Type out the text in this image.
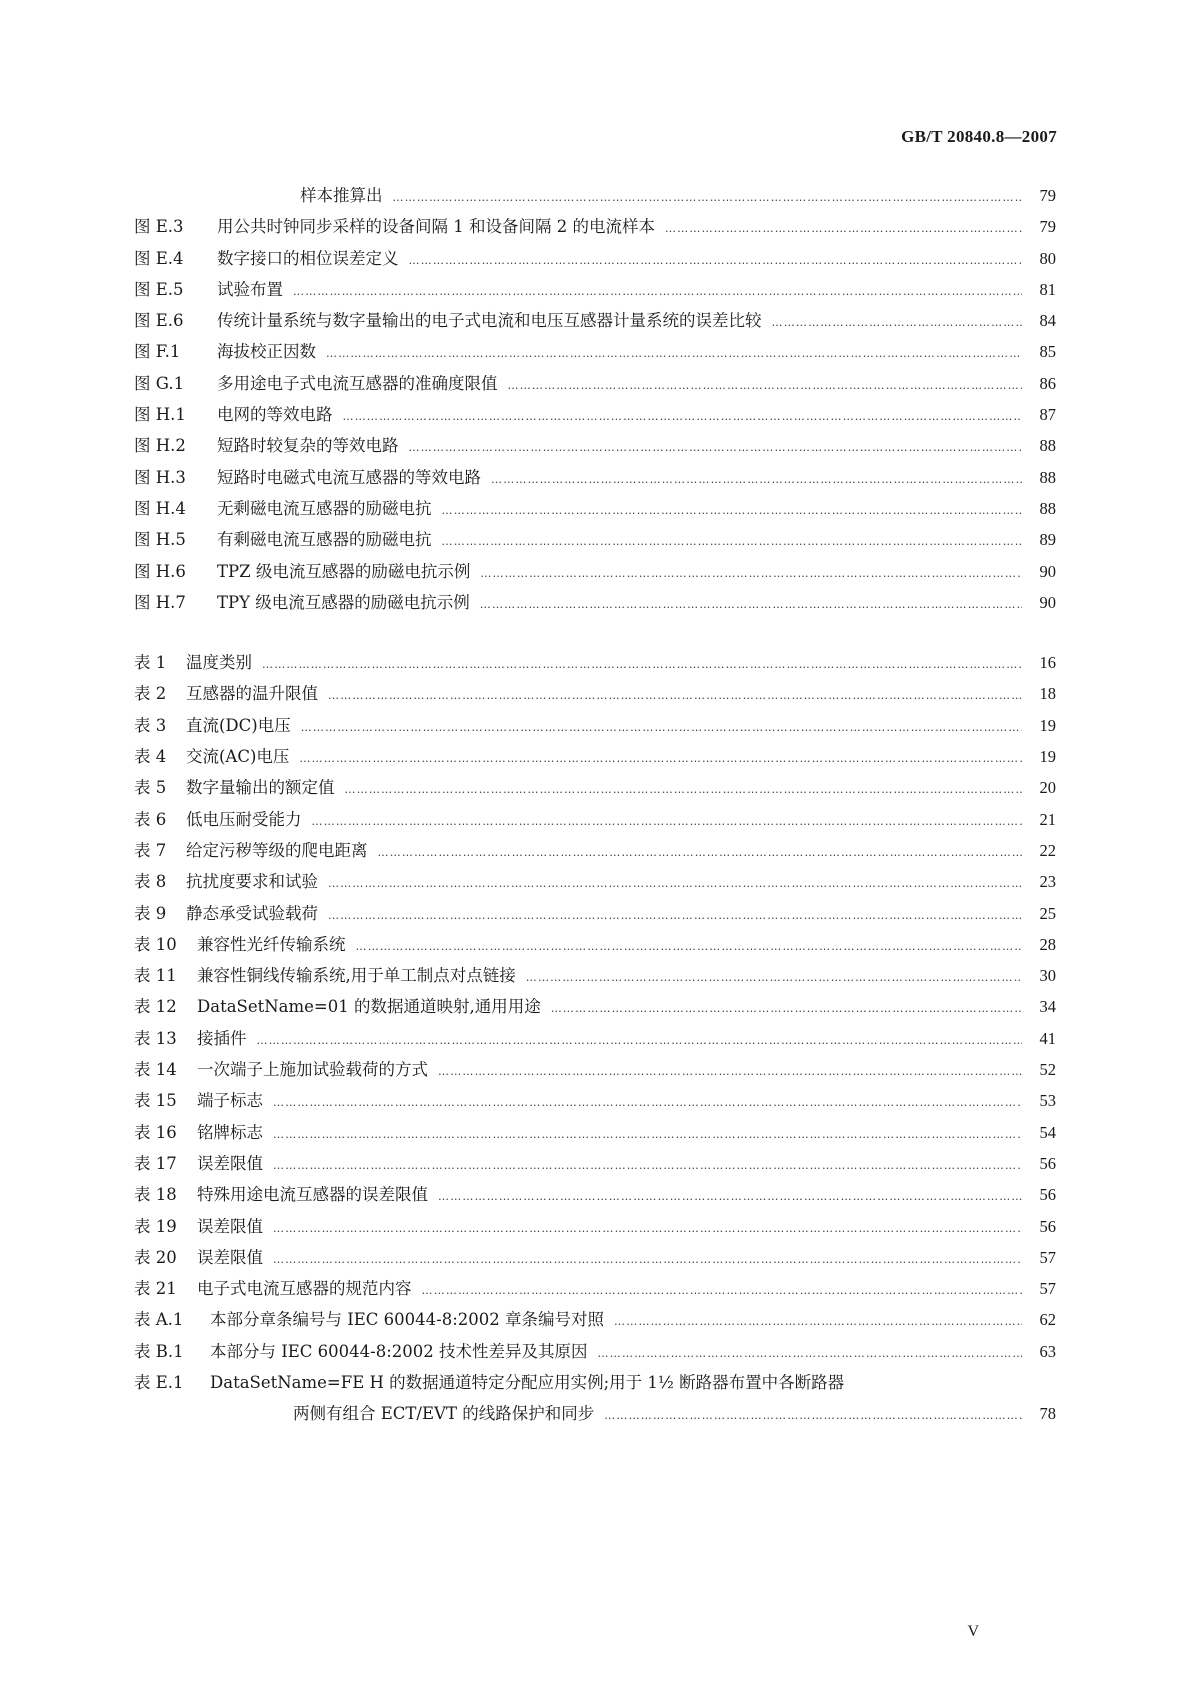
GB/T 20840.8—2007
样本推算出 ……………………………………………………………………………………………………………………………………………………………………………………………………………………………………	79
图 E.3	用公共时钟同步采样的设备间隔 1 和设备间隔 2 的电流样本 ……………………………………………………………………………………………………………………………………………………………………………………………………………………………………	79
图 E.4	数字接口的相位误差定义 ……………………………………………………………………………………………………………………………………………………………………………………………………………………………………	80
图 E.5	试验布置 ……………………………………………………………………………………………………………………………………………………………………………………………………………………………………	81
图 E.6	传统计量系统与数字量输出的电子式电流和电压互感器计量系统的误差比较 ……………………………………………………………………………………………………………………………………………………………………………………………………………………………………	84
图 F.1	海拔校正因数 ……………………………………………………………………………………………………………………………………………………………………………………………………………………………………	85
图 G.1	多用途电子式电流互感器的准确度限值 ……………………………………………………………………………………………………………………………………………………………………………………………………………………………………	86
图 H.1	电网的等效电路 ……………………………………………………………………………………………………………………………………………………………………………………………………………………………………	87
图 H.2	短路时较复杂的等效电路 ……………………………………………………………………………………………………………………………………………………………………………………………………………………………………	88
图 H.3	短路时电磁式电流互感器的等效电路 ……………………………………………………………………………………………………………………………………………………………………………………………………………………………………	88
图 H.4	无剩磁电流互感器的励磁电抗 ……………………………………………………………………………………………………………………………………………………………………………………………………………………………………	88
图 H.5	有剩磁电流互感器的励磁电抗 ……………………………………………………………………………………………………………………………………………………………………………………………………………………………………	89
图 H.6	TPZ 级电流互感器的励磁电抗示例 ……………………………………………………………………………………………………………………………………………………………………………………………………………………………………	90
图 H.7	TPY 级电流互感器的励磁电抗示例 ……………………………………………………………………………………………………………………………………………………………………………………………………………………………………	90
表 1	温度类别 ……………………………………………………………………………………………………………………………………………………………………………………………………………………………………	16
表 2	互感器的温升限值 ……………………………………………………………………………………………………………………………………………………………………………………………………………………………………	18
表 3	直流(DC)电压 ……………………………………………………………………………………………………………………………………………………………………………………………………………………………………	19
表 4	交流(AC)电压 ……………………………………………………………………………………………………………………………………………………………………………………………………………………………………	19
表 5	数字量输出的额定值 ……………………………………………………………………………………………………………………………………………………………………………………………………………………………………	20
表 6	低电压耐受能力 ……………………………………………………………………………………………………………………………………………………………………………………………………………………………………	21
表 7	给定污秽等级的爬电距离 ……………………………………………………………………………………………………………………………………………………………………………………………………………………………………	22
表 8	抗扰度要求和试验 ……………………………………………………………………………………………………………………………………………………………………………………………………………………………………	23
表 9	静态承受试验载荷 ……………………………………………………………………………………………………………………………………………………………………………………………………………………………………	25
表 10	兼容性光纤传输系统 ……………………………………………………………………………………………………………………………………………………………………………………………………………………………………	28
表 11	兼容性铜线传输系统,用于单工制点对点链接 ……………………………………………………………………………………………………………………………………………………………………………………………………………………………………	30
表 12	DataSetName=01 的数据通道映射,通用用途 ……………………………………………………………………………………………………………………………………………………………………………………………………………………………………	34
表 13	接插件 ……………………………………………………………………………………………………………………………………………………………………………………………………………………………………	41
表 14	一次端子上施加试验载荷的方式 ……………………………………………………………………………………………………………………………………………………………………………………………………………………………………	52
表 15	端子标志 ……………………………………………………………………………………………………………………………………………………………………………………………………………………………………	53
表 16	铭牌标志 ……………………………………………………………………………………………………………………………………………………………………………………………………………………………………	54
表 17	误差限值 ……………………………………………………………………………………………………………………………………………………………………………………………………………………………………	56
表 18	特殊用途电流互感器的误差限值 ……………………………………………………………………………………………………………………………………………………………………………………………………………………………………	56
表 19	误差限值 ……………………………………………………………………………………………………………………………………………………………………………………………………………………………………	56
表 20	误差限值 ……………………………………………………………………………………………………………………………………………………………………………………………………………………………………	57
表 21	电子式电流互感器的规范内容 ……………………………………………………………………………………………………………………………………………………………………………………………………………………………………	57
表 A.1	本部分章条编号与 IEC 60044-8:2002 章条编号对照 ……………………………………………………………………………………………………………………………………………………………………………………………………………………………………	62
表 B.1	本部分与 IEC 60044-8:2002 技术性差异及其原因 ……………………………………………………………………………………………………………………………………………………………………………………………………………………………………	63
表 E.1	DataSetName=FE H 的数据通道特定分配应用实例;用于 1½ 断路器布置中各断路器
两侧有组合 ECT/EVT 的线路保护和同步 ……………………………………………………………………………………………………………………………………………………………………………………………………………………………………	78
V
